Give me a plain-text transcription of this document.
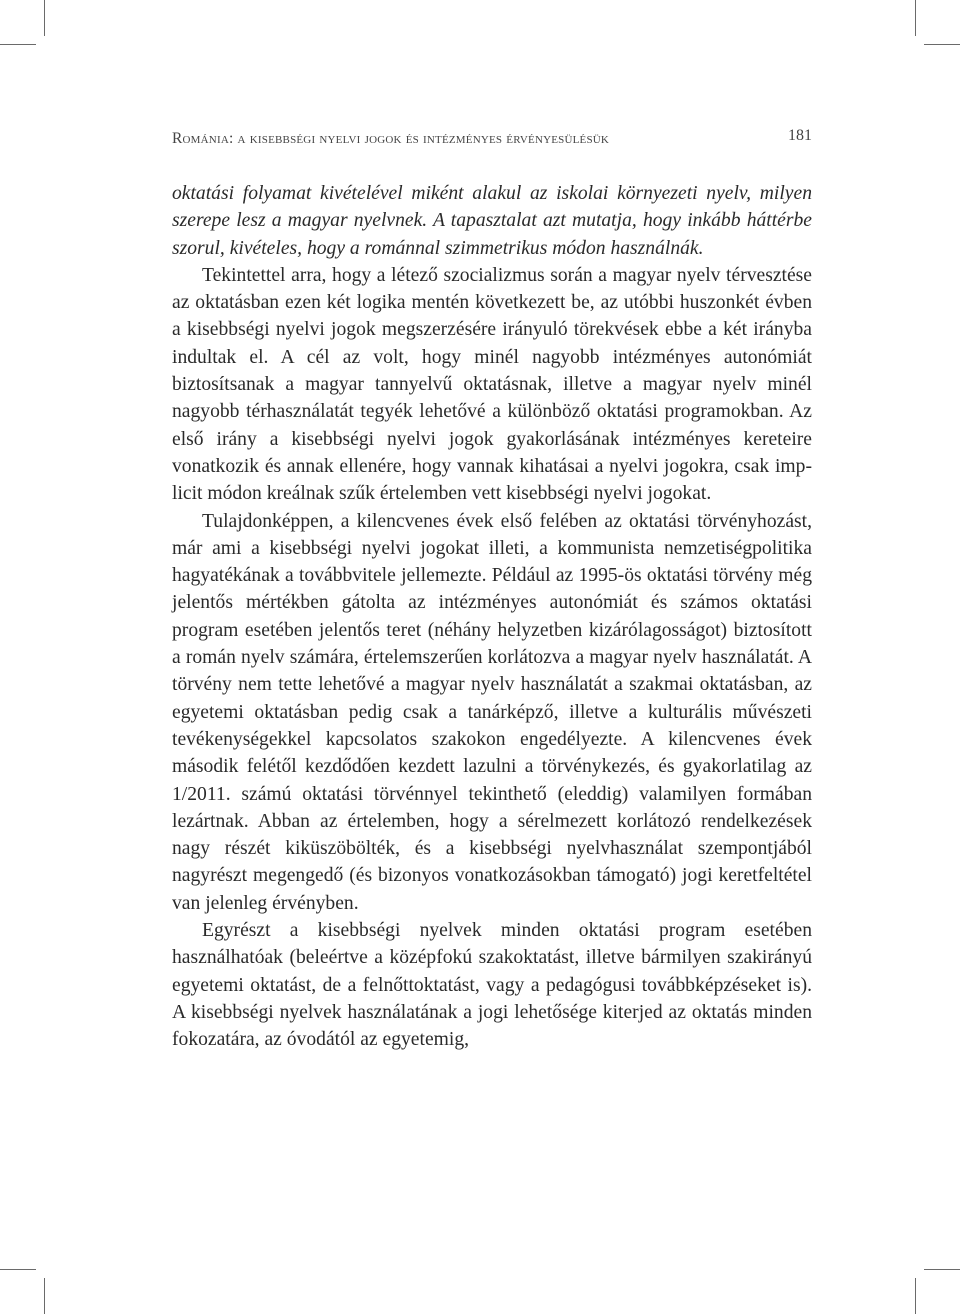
Románia: a kisebbségi nyelvi jogok és intézményes érvényesülésük	181

oktatási folyamat kivételével miként alakul az iskolai környezeti nyelv, milyen szerepe lesz a magyar nyelvnek. A tapasztalat azt mutatja, hogy inkább háttérbe szorul, kivételes, hogy a románnal szimmetrikus módon használnák.

Tekintettel arra, hogy a létező szocializmus során a magyar nyelv térvesztése az oktatásban ezen két logika mentén következett be, az utóbbi huszonkét évben a kisebbségi nyelvi jogok megszerzésére irányuló törekvések ebbe a két irányba indultak el. A cél az volt, hogy minél nagyobb intézményes autonómiát biztosítsanak a magyar tannyelvű oktatásnak, illetve a magyar nyelv minél nagyobb térhasználatát tegyék lehetővé a különböző oktatási programokban. Az első irány a kisebbségi nyelvi jogok gyakorlásának intézményes kereteire vonatkozik és annak ellenére, hogy vannak kihatásai a nyelvi jogokra, csak implicit módon kreálnak szűk értelemben vett kisebbségi nyelvi jogokat.

Tulajdonképpen, a kilencvenes évek első felében az oktatási törvényhozást, már ami a kisebbségi nyelvi jogokat illeti, a kommunista nemzetiségpolitika hagyatékának a továbbvitele jellemezte. Például az 1995-ös oktatási törvény még jelentős mértékben gátolta az intézményes autonómiát és számos oktatási program esetében jelentős teret (néhány helyzetben kizárólagosságot) biztosított a román nyelv számára, értelemszerűen korlátozva a magyar nyelv használatát. A törvény nem tette lehetővé a magyar nyelv használatát a szakmai oktatásban, az egyetemi oktatásban pedig csak a tanárképző, illetve a kulturális művészeti tevékenységekkel kapcsolatos szakokon engedélyezte. A kilencvenes évek második felétől kezdődően kezdett lazulni a törvénykezés, és gyakorlatilag az 1/2011. számú oktatási törvénnyel tekinthető (eleddig) valamilyen formában lezártnak. Abban az értelemben, hogy a sérelmezett korlátozó rendelkezések nagy részét kiküszöbölték, és a kisebbségi nyelvhasználat szempontjából nagyrészt megengedő (és bizonyos vonatkozásokban támogató) jogi keretfeltétel van jelenleg érvényben.

Egyrészt a kisebbségi nyelvek minden oktatási program esetében használhatóak (beleértve a középfokú szakoktatást, illetve bármilyen szakirányú egyetemi oktatást, de a felnőttoktatást, vagy a pedagógusi továbbképzéseket is). A kisebbségi nyelvek használatának a jogi lehetősége kiterjed az oktatás minden fokozatára, az óvodától az egyetemig,
